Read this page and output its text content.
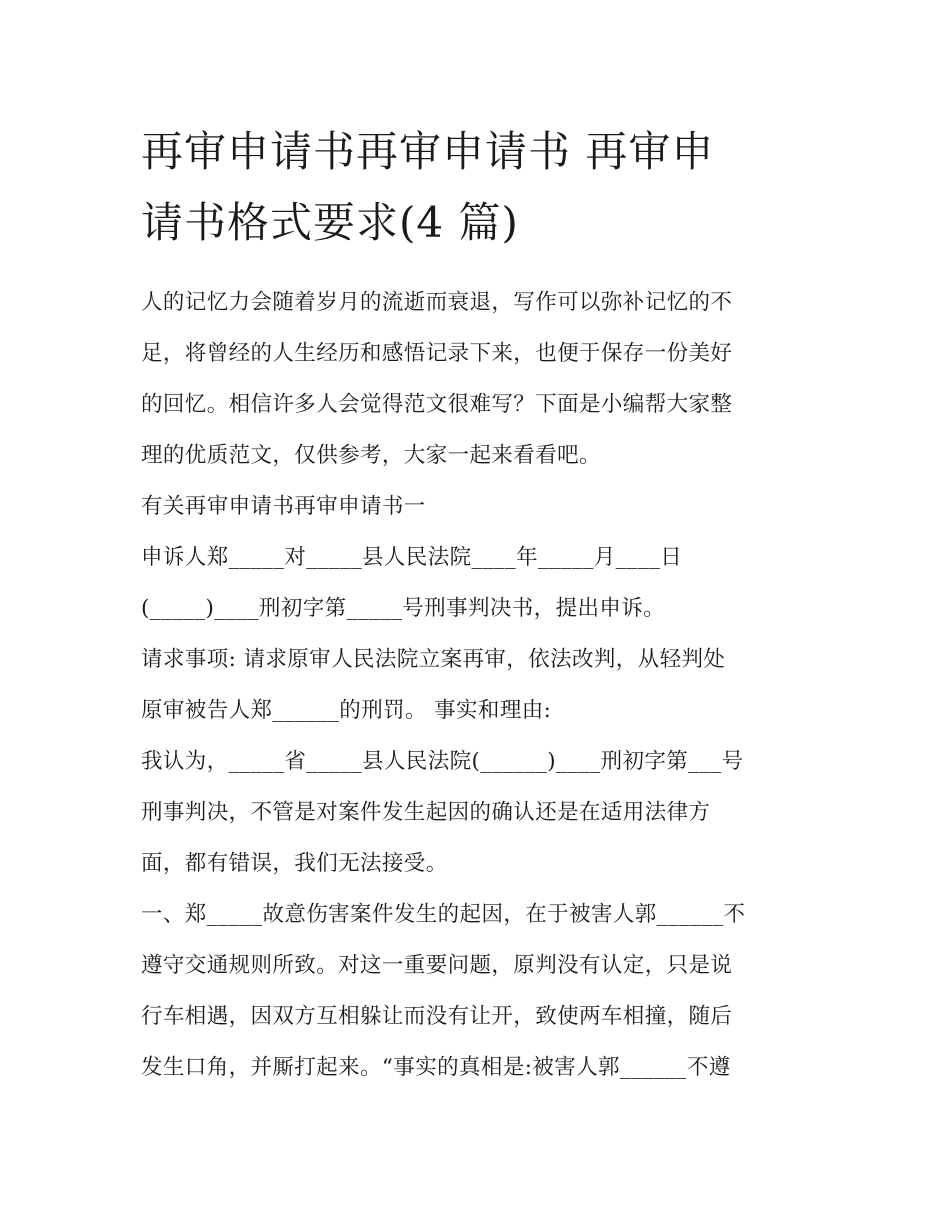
再审申请书再审申请书 再审申
请书格式要求(4 篇)
人的记忆力会随着岁月的流逝而衰退，写作可以弥补记忆的不
足，将曾经的人生经历和感悟记录下来，也便于保存一份美好
的回忆。相信许多人会觉得范文很难写？下面是小编帮大家整
理的优质范文，仅供参考，大家一起来看看吧。
有关再审申请书再审申请书一
申诉人郑_____对_____县人民法院____年_____月____日
(_____)____刑初字第_____号刑事判决书，提出申诉。
请求事项: 请求原审人民法院立案再审，依法改判，从轻判处
原审被告人郑______的刑罚。 事实和理由:
我认为，_____省_____县人民法院(______)____刑初字第___号
刑事判决，不管是对案件发生起因的确认还是在适用法律方
面，都有错误，我们无法接受。
一、郑_____故意伤害案件发生的起因，在于被害人郭______不
遵守交通规则所致。对这一重要问题，原判没有认定，只是说
行车相遇，因双方互相躲让而没有让开，致使两车相撞，随后
发生口角，并厮打起来。“事实的真相是:被害人郭______不遵
